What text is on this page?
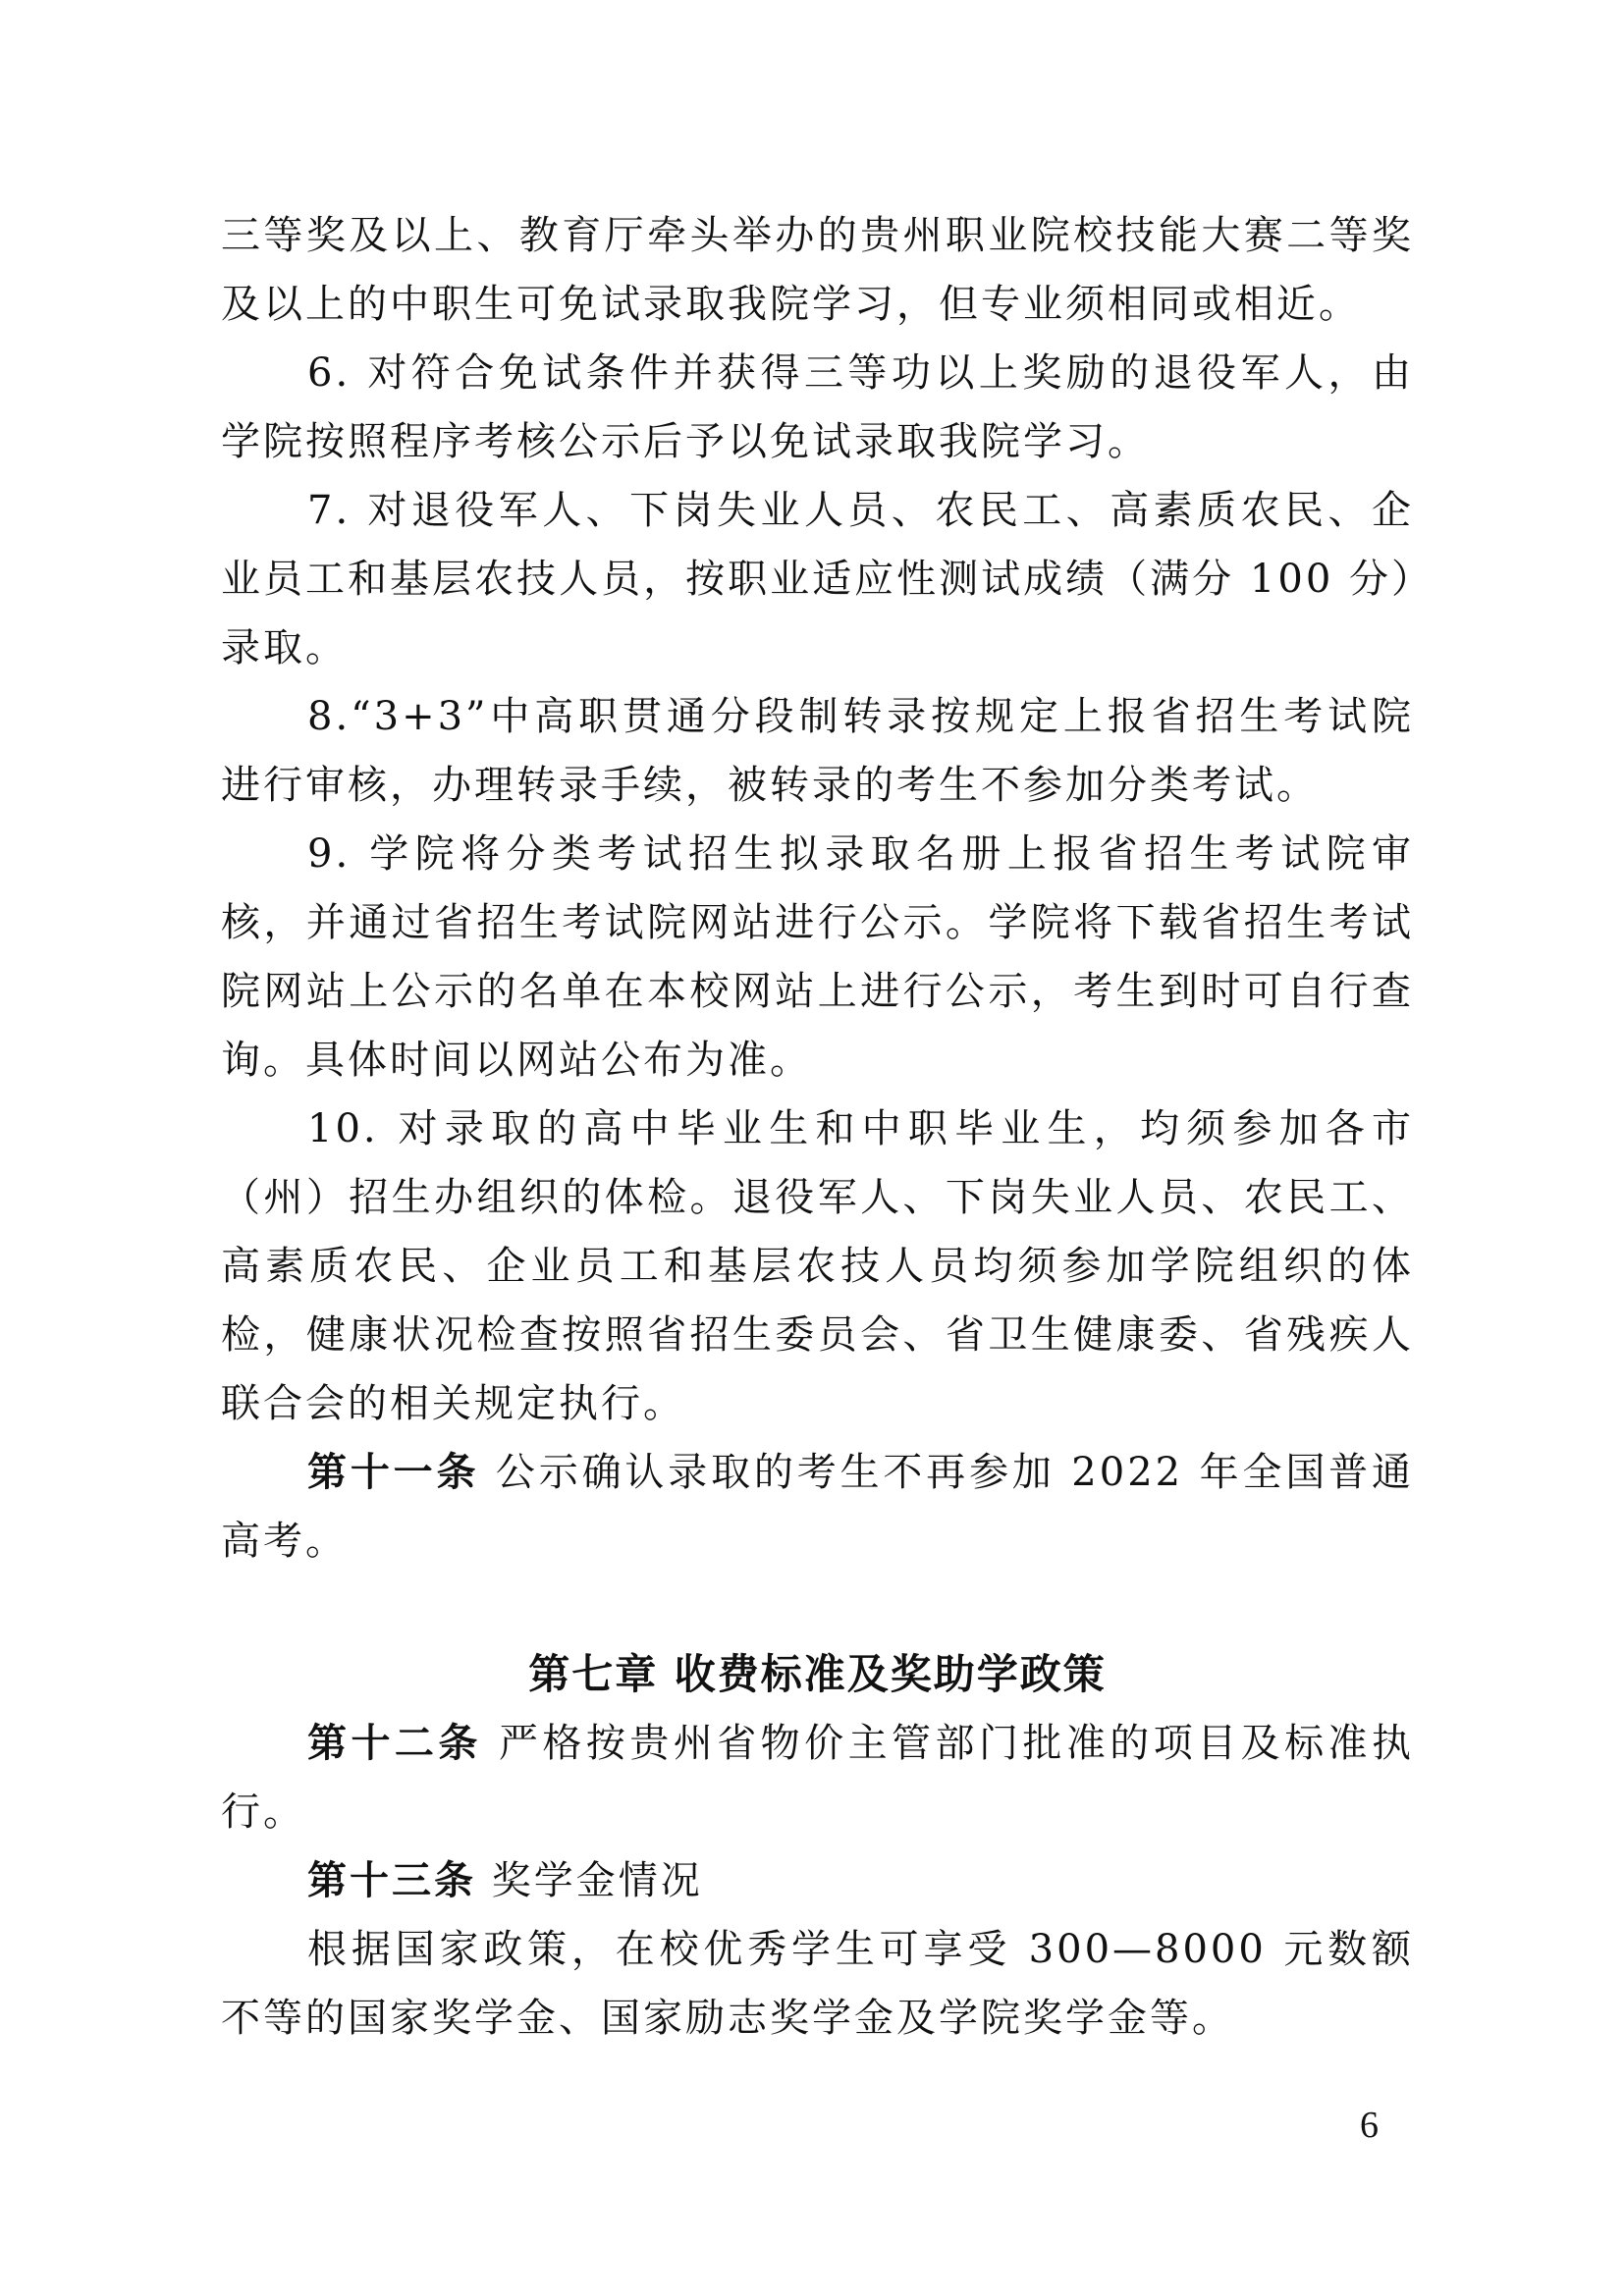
三等奖及以上、教育厅牵头举办的贵州职业院校技能大赛二等奖及以上的中职生可免试录取我院学习，但专业须相同或相近。

6. 对符合免试条件并获得三等功以上奖励的退役军人，由学院按照程序考核公示后予以免试录取我院学习。

7. 对退役军人、下岗失业人员、农民工、高素质农民、企业员工和基层农技人员，按职业适应性测试成绩（满分 100 分）录取。

8.“3+3”中高职贯通分段制转录按规定上报省招生考试院进行审核，办理转录手续，被转录的考生不参加分类考试。

9. 学院将分类考试招生拟录取名册上报省招生考试院审核，并通过省招生考试院网站进行公示。学院将下载省招生考试院网站上公示的名单在本校网站上进行公示，考生到时可自行查询。具体时间以网站公布为准。

10. 对录取的高中毕业生和中职毕业生，均须参加各市（州）招生办组织的体检。退役军人、下岗失业人员、农民工、高素质农民、企业员工和基层农技人员均须参加学院组织的体检，健康状况检查按照省招生委员会、省卫生健康委、省残疾人联合会的相关规定执行。

第十一条 公示确认录取的考生不再参加 2022 年全国普通高考。

第七章 收费标准及奖助学政策

第十二条 严格按贵州省物价主管部门批准的项目及标准执行。

第十三条 奖学金情况

根据国家政策，在校优秀学生可享受 300—8000 元数额不等的国家奖学金、国家励志奖学金及学院奖学金等。

6
